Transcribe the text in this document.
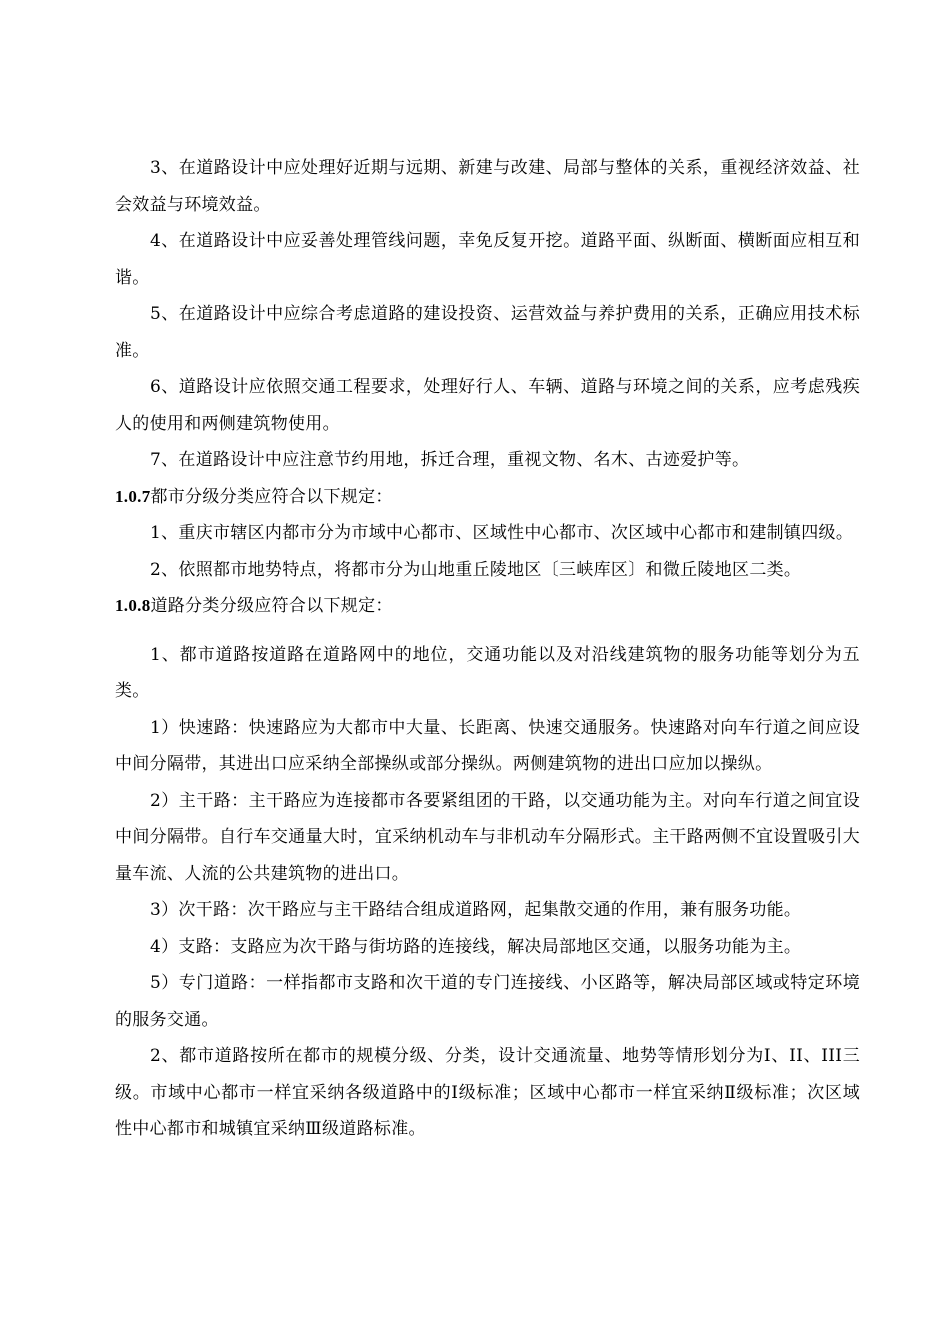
3、在道路设计中应处理好近期与远期、新建与改建、局部与整体的关系，重视经济效益、社会效益与环境效益。

4、在道路设计中应妥善处理管线问题，幸免反复开挖。道路平面、纵断面、横断面应相互和谐。

5、在道路设计中应综合考虑道路的建设投资、运营效益与养护费用的关系，正确应用技术标准。

6、道路设计应依照交通工程要求，处理好行人、车辆、道路与环境之间的关系，应考虑残疾人的使用和两侧建筑物使用。

7、在道路设计中应注意节约用地，拆迁合理，重视文物、名木、古迹爱护等。

1.0.7都市分级分类应符合以下规定：

1、重庆市辖区内都市分为市域中心都市、区域性中心都市、次区域中心都市和建制镇四级。

2、依照都市地势特点，将都市分为山地重丘陵地区〔三峡库区〕和微丘陵地区二类。

1.0.8道路分类分级应符合以下规定：

1、都市道路按道路在道路网中的地位，交通功能以及对沿线建筑物的服务功能等划分为五类。

1）快速路：快速路应为大都市中大量、长距离、快速交通服务。快速路对向车行道之间应设中间分隔带，其进出口应采纳全部操纵或部分操纵。两侧建筑物的进出口应加以操纵。

2）主干路：主干路应为连接都市各要紧组团的干路，以交通功能为主。对向车行道之间宜设中间分隔带。自行车交通量大时，宜采纳机动车与非机动车分隔形式。主干路两侧不宜设置吸引大量车流、人流的公共建筑物的进出口。

3）次干路：次干路应与主干路结合组成道路网，起集散交通的作用，兼有服务功能。

4）支路：支路应为次干路与街坊路的连接线，解决局部地区交通，以服务功能为主。

5）专门道路：一样指都市支路和次干道的专门连接线、小区路等，解决局部区域或特定环境的服务交通。

2、都市道路按所在都市的规模分级、分类，设计交通流量、地势等情形划分为I、II、III三级。市域中心都市一样宜采纳各级道路中的Ⅰ级标准；区域中心都市一样宜采纳Ⅱ级标准；次区域性中心都市和城镇宜采纳Ⅲ级道路标准。
